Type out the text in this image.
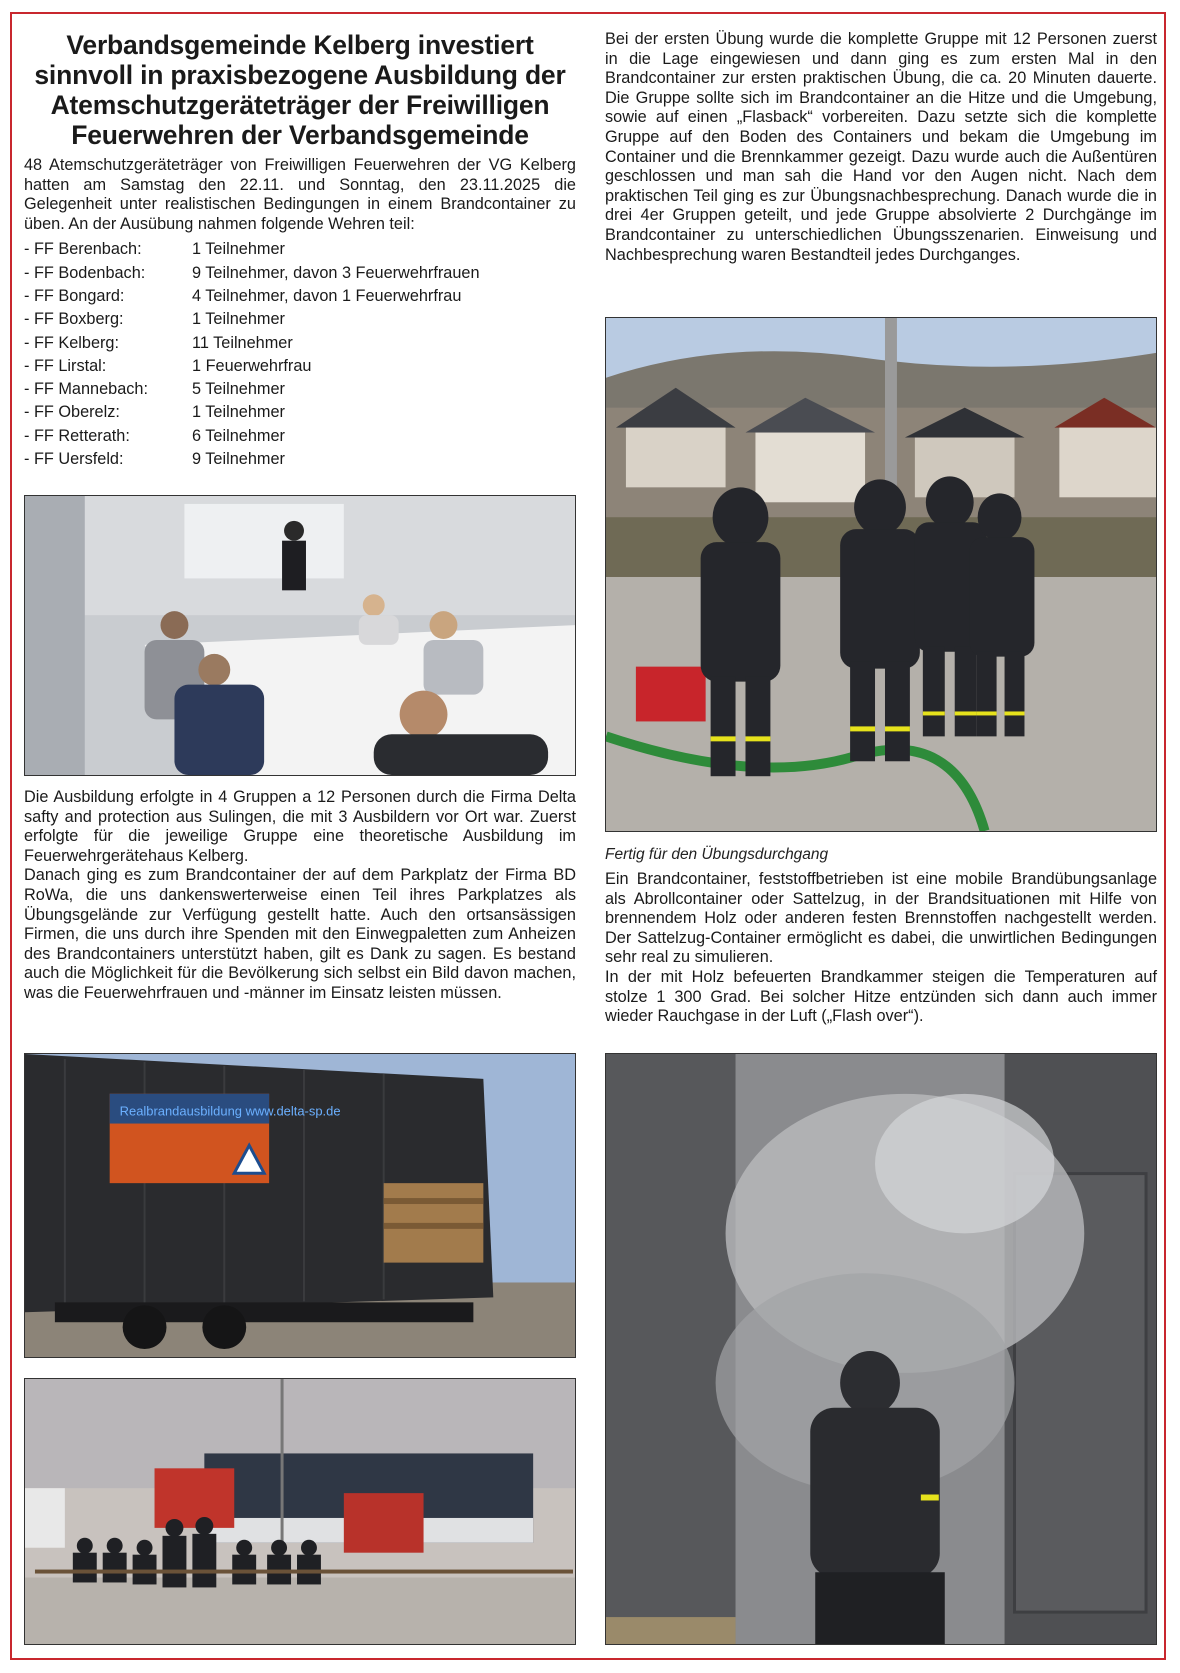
Verbandsgemeinde Kelberg investiert sinnvoll in praxisbezogene Ausbildung der Atemschutzgeräteträger der Freiwilligen Feuerwehren der Verbandsgemeinde

48 Atemschutzgeräteträger von Freiwilligen Feuerwehren der VG Kelberg hatten am Samstag den 22.11. und Sonntag, den 23.11.2025 die Gelegenheit unter realistischen Bedingungen in einem Brandcontainer zu üben. An der Ausübung nahmen folgende Wehren teil:

- FF Berenbach:	1 Teilnehmer
- FF Bodenbach:	9 Teilnehmer, davon 3 Feuerwehrfrauen
- FF Bongard:	4 Teilnehmer, davon 1 Feuerwehrfrau
- FF Boxberg:	1 Teilnehmer
- FF Kelberg:	11 Teilnehmer
- FF Lirstal:	1 Feuerwehrfrau
- FF Mannebach:	5 Teilnehmer
- FF Oberelz:	1 Teilnehmer
- FF Retterath:	6 Teilnehmer
- FF Uersfeld:	9 Teilnehmer

Die Ausbildung erfolgte in 4 Gruppen a 12 Personen durch die Firma Delta safty and protection aus Sulingen, die mit 3 Ausbildern vor Ort war. Zuerst erfolgte für die jeweilige Gruppe eine theoretische Ausbildung im Feuerwehrgerätehaus Kelberg.

Danach ging es zum Brandcontainer der auf dem Parkplatz der Firma BD RoWa, die uns dankenswerterweise einen Teil ihres Parkplatzes als Übungsgelände zur Verfügung gestellt hatte. Auch den ortsansässigen Firmen, die uns durch ihre Spenden mit den Einwegpaletten zum Anheizen des Brandcontainers unterstützt haben, gilt es Dank zu sagen. Es bestand auch die Möglichkeit für die Bevölkerung sich selbst ein Bild davon machen, was die Feuerwehrfrauen und -männer im Einsatz leisten müssen.

Realbrandausbildung www.delta-sp.de

Bei der ersten Übung wurde die komplette Gruppe mit 12 Personen zuerst in die Lage eingewiesen und dann ging es zum ersten Mal in den Brandcontainer zur ersten praktischen Übung, die ca. 20 Minuten dauerte. Die Gruppe sollte sich im Brandcontainer an die Hitze und die Umgebung, sowie auf einen „Flasback“ vorbereiten. Dazu setzte sich die komplette Gruppe auf den Boden des Containers und bekam die Umgebung im Container und die Brennkammer gezeigt. Dazu wurde auch die Außentüren geschlossen und man sah die Hand vor den Augen nicht. Nach dem praktischen Teil ging es zur Übungsnachbesprechung. Danach wurde die in drei 4er Gruppen geteilt, und jede Gruppe absolvierte 2 Durchgänge im Brandcontainer zu unterschiedlichen Übungsszenarien. Einweisung und Nachbesprechung waren Bestandteil jedes Durchganges.

Fertig für den Übungsdurchgang

Ein Brandcontainer, feststoffbetrieben ist eine mobile Brandübungsanlage als Abrollcontainer oder Sattelzug, in der Brandsituationen mit Hilfe von brennendem Holz oder anderen festen Brennstoffen nachgestellt werden. Der Sattelzug-Container ermöglicht es dabei, die unwirtlichen Bedingungen sehr real zu simulieren.

In der mit Holz befeuerten Brandkammer steigen die Temperaturen auf stolze 1 300 Grad. Bei solcher Hitze entzünden sich dann auch immer wieder Rauchgase in der Luft („Flash over“).
